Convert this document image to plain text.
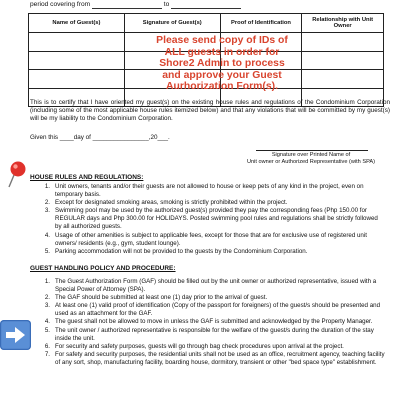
period covering from	to
Name of Guest(s)	Signature of Guest(s)	Proof of Identification	Relationship with Unit Owner

Please send copy of IDs of
ALL guests in order for
Shore2 Admin to process
and approve your Guest
Aurhorization Form(s).
This is to certify that I have oriented my guest(s) on the existing house rules and regulations of the Condominium Corporation (including some of the most applicable house rules itemized below) and that any violations that will be committed by my guest(s) will be my liability to the Condominium Corporation.
Given this ____day of ________________,20___.
Signature over Printed Name of
Unit owner or Authorized Representative (with SPA)
HOUSE RULES AND REGULATIONS:
1. Unit owners, tenants and/or their guests are not allowed to house or keep pets of any kind in the project, even on temporary basis.
2. Except for designated smoking areas, smoking is strictly prohibited within the project.
3. Swimming pool may be used by the authorized guest(s) provided they pay the corresponding fees (Php 150.00 for REGULAR days and Php 300.00 for HOLIDAYS. Posted swimming pool rules and regulations shall be strictly followed by all authorized guests.
4. Usage of other amenities is subject to applicable fees, except for those that are for exclusive use of registered unit owners/ residents (e.g., gym, student lounge).
5. Parking accommodation will not be provided to the guests by the Condominium Corporation.
GUEST HANDLING POLICY AND PROCEDURE:
1. The Guest Authorization Form (GAF) should be filled out by the unit owner or authorized representative, issued with a Special Power of Attorney (SPA).
2. The GAF should be submitted at least one (1) day prior to the arrival of guest.
3. At least one (1) valid proof of identification (Copy of the passport for foreigners) of the guest/s should be presented and used as an attachment for the GAF.
4. The guest shall not be allowed to move in unless the GAF is submitted and acknowledged by the Property Manager.
5. The unit owner / authorized representative is responsible for the welfare of the guest/s during the duration of the stay inside the unit.
6. For security and safety purposes, guests will go through bag check procedures upon arrival at the project.
7. For safety and security purposes, the residential units shall not be used as an office, recruitment agency, teaching facility of any sort, shop, manufacturing facility, boarding house, dormitory, transient or other "bed space type" establishment.
